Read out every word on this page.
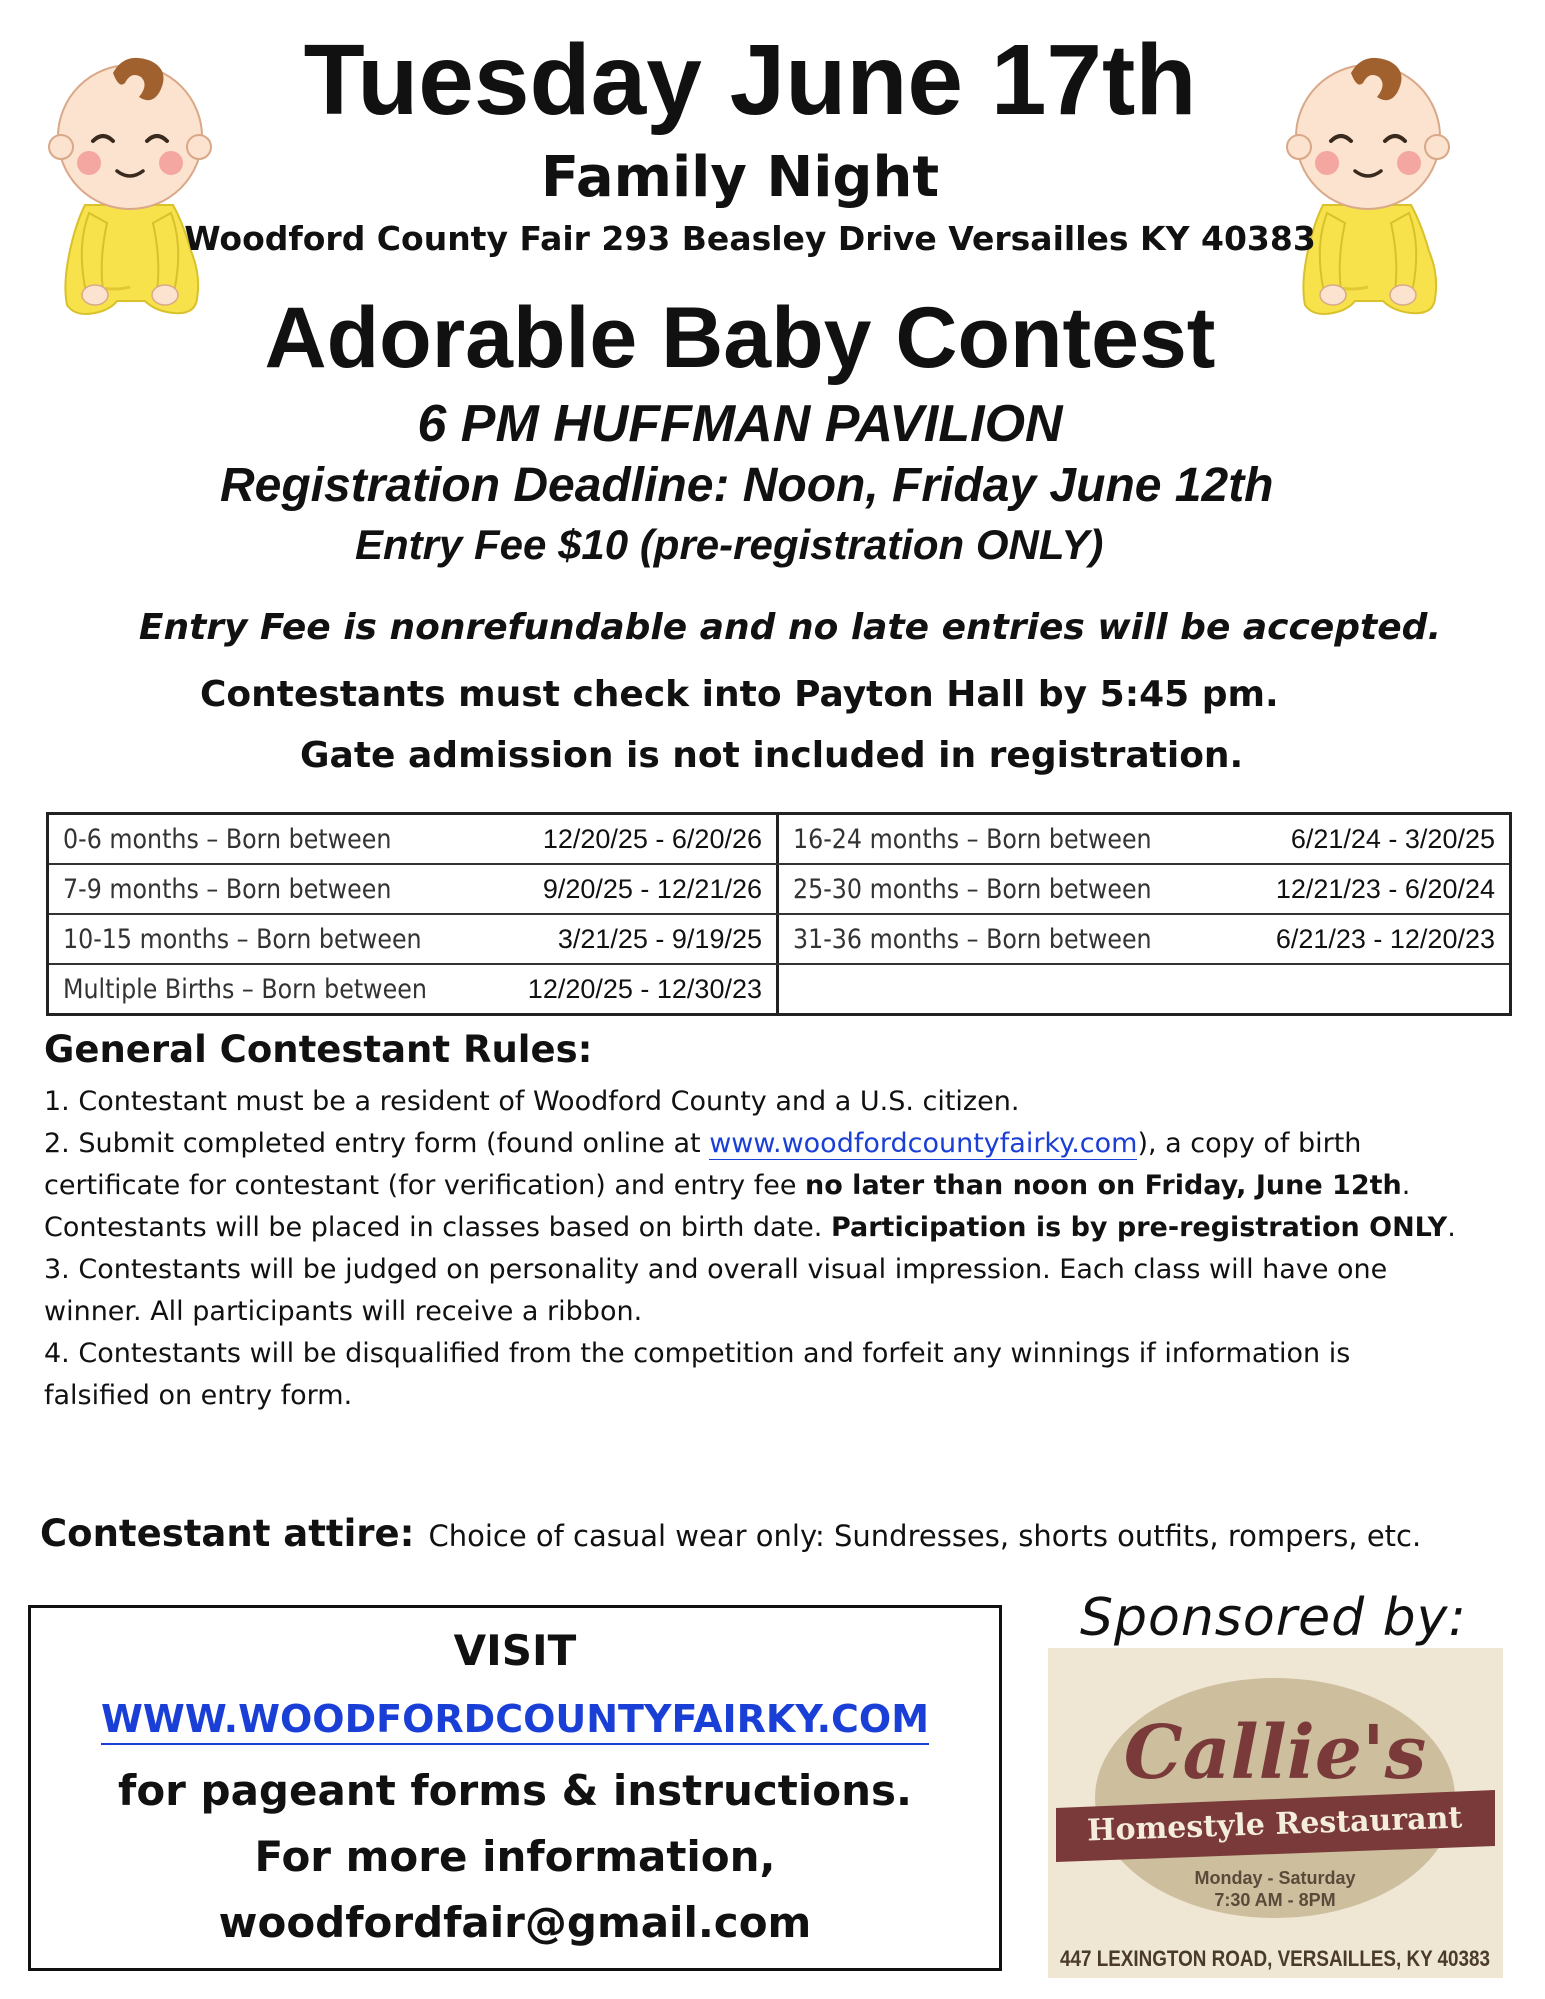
Tuesday June 17th
Family Night
Woodford County Fair 293 Beasley Drive Versailles KY 40383
Adorable Baby Contest
6 PM HUFFMAN PAVILION
Registration Deadline: Noon, Friday June 12th
Entry Fee $10 (pre-registration ONLY)
Entry Fee is nonrefundable and no late entries will be accepted.
Contestants must check into Payton Hall by 5:45 pm.
Gate admission is not included in registration.
0-6 months – Born between	12/20/25 - 6/20/26	16-24 months – Born between	6/21/24 - 3/20/25
7-9 months – Born between	9/20/25 - 12/21/26	25-30 months – Born between	12/21/23 - 6/20/24
10-15 months – Born between	3/21/25 - 9/19/25	31-36 months – Born between	6/21/23 - 12/20/23
Multiple Births – Born between	12/20/25 - 12/30/23
General Contestant Rules:
1. Contestant must be a resident of Woodford County and a U.S. citizen.
2. Submit completed entry form (found online at www.woodfordcountyfairky.com), a copy of birth certificate for contestant (for verification) and entry fee no later than noon on Friday, June 12th. Contestants will be placed in classes based on birth date. Participation is by pre-registration ONLY.
3. Contestants will be judged on personality and overall visual impression. Each class will have one winner. All participants will receive a ribbon.
4. Contestants will be disqualified from the competition and forfeit any winnings if information is falsified on entry form.
Contestant attire: Choice of casual wear only: Sundresses, shorts outfits, rompers, etc.
VISIT
WWW.WOODFORDCOUNTYFAIRKY.COM
for pageant forms & instructions.
For more information,
woodfordfair@gmail.com
Sponsored by:
Callie's
Homestyle Restaurant
Monday - Saturday
7:30 AM - 8PM
447 LEXINGTON ROAD, VERSAILLES, KY 40383
